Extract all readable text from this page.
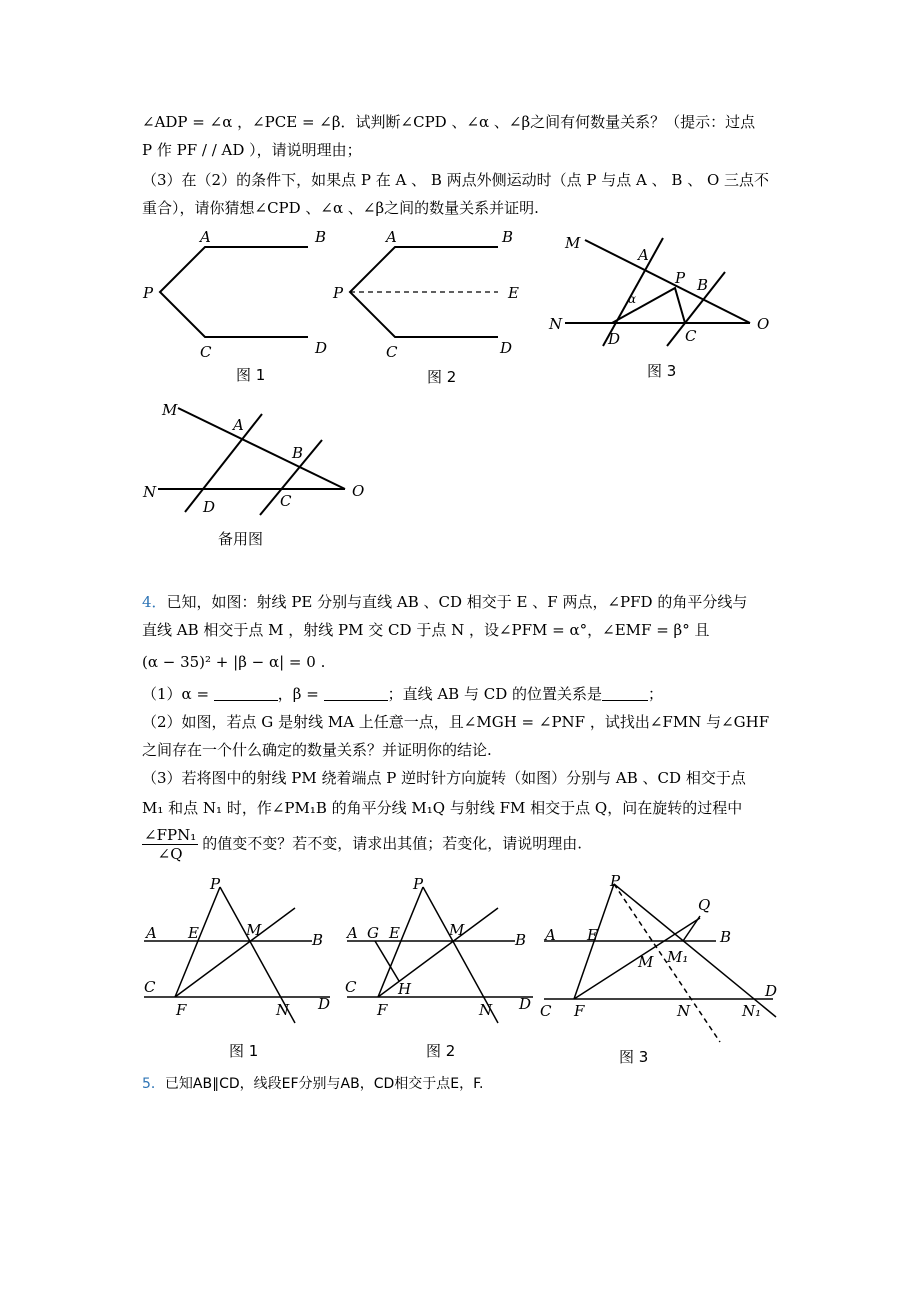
∠ADP = ∠α ，∠PCE = ∠β．试判断∠CPD 、∠α 、∠β之间有何数量关系？（提示：过点
P 作 PF / / AD ），请说明理由；
（3）在（2）的条件下，如果点 P 在 A 、 B 两点外侧运动时（点 P 与点 A 、 B 、 O 三点不
重合），请你猜想∠CPD 、∠α 、∠β之间的数量关系并证明.
A	B
P
C	D
图 1
A	B
P	E
C	D
图 2
M
A
P B
α
N	O
D	C
图 3
M
A
B
N	O
D	C
备用图
4．已知，如图：射线 PE 分别与直线 AB 、CD 相交于 E 、F 两点，∠PFD 的角平分线与
直线 AB 相交于点 M ，射线 PM 交 CD 于点 N ，设∠PFM = α°，∠EMF = β° 且
(α − 35)² + |β − α| = 0 .
（1）α =	，β =	；直线 AB 与 CD 的位置关系是	；
（2）如图，若点 G 是射线 MA 上任意一点，且∠MGH = ∠PNF ，试找出∠FMN 与∠GHF
之间存在一个什么确定的数量关系？并证明你的结论.
（3）若将图中的射线 PM 绕着端点 P 逆时针方向旋转（如图）分别与 AB 、CD 相交于点
M₁ 和点 N₁ 时，作∠PM₁B 的角平分线 M₁Q 与射线 FM 相交于点 Q，问在旋转的过程中
$\frac{\text{∠FPN₁}}{\angle Q}$ 的值变不变？若不变，请求出其值；若变化，请说明理由.
P
A E	M
B
C
F	N D
图 1
P
A G E	M
B
C	H
F	N D
图 2
P
Q
A E	B
M M₁
C F	N	N₁
D
图 3
5．已知AB∥CD，线段EF分别与AB，CD相交于点E，F.
